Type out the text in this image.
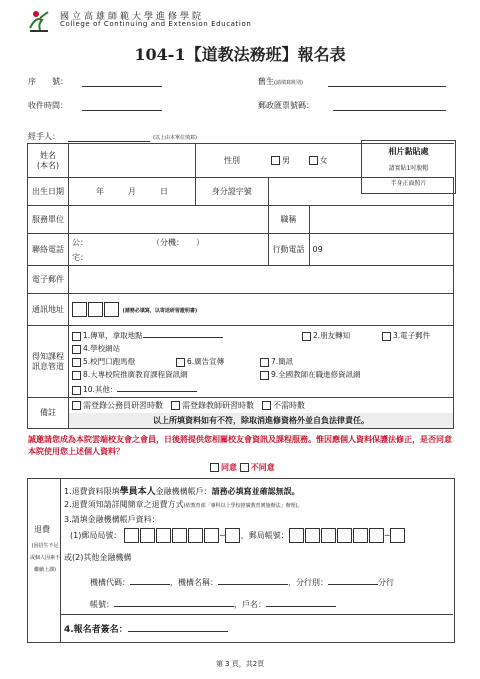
國立高雄師範大學進修學院
College of Continuing and Extension Education
104-1【道教法務班】報名表
序　　號：	舊生(請填寫班別)
收件時間：	郵政匯票號碼：
經手人：	(以上由本單位填寫)
相片黏貼處
請實貼1吋脫帽
半身正面照片
姓名
(本名)		性別	男　　 女	
出生日期	　　　年　　　 月　　　 日	身分證字號		
服務單位			職稱	
聯絡電話	公：　　　　　　　　　 （分機：　　）
宅：		行動電話	09
電子郵件				
通訊地址	(請務必填寫，以寄送研習證明書)			
得知課程訊息管道	1.傳單，拿取地點 2.朋友轉知 3.電子郵件
4.學校網站
5.校門口跑馬燈 6.廣告宣傳 7.簡訊
8.大專校院推廣教育課程資訊網 9.全國教師在職進修資訊網
10.其他：			

備註	需登錄公務員研習時數　 需登錄教師研習時數　 不需時數
以上所填資料如有不符，除取消進修資格外並自負法律責任。			
誠邀請您成為本院雲端校友會之會員，日後將提供您相關校友會資訊及課程服務。惟因應個人資料保護法修正，是否同意本院使用您上述個人資料？
同意 不同意
退費
(因招生不足或個人因素不繼續上課)
1.退費資料限填學員本人金融機構帳戶：請務必填寫並確認無誤。
2.退費須知請詳閱簡章之退費方式(依教育部「專科以上學校推廣教育實施辦法」辦理)。
3.請填金融機構帳戶資料：
(1)郵局局號：	─ ，郵局帳號：	─
或(2)其他金融機構
機構代碼：	，機構名稱：	，分行別：	分行
帳號：	，戶名：
4.報名者簽名：
第 3 頁，共2頁
